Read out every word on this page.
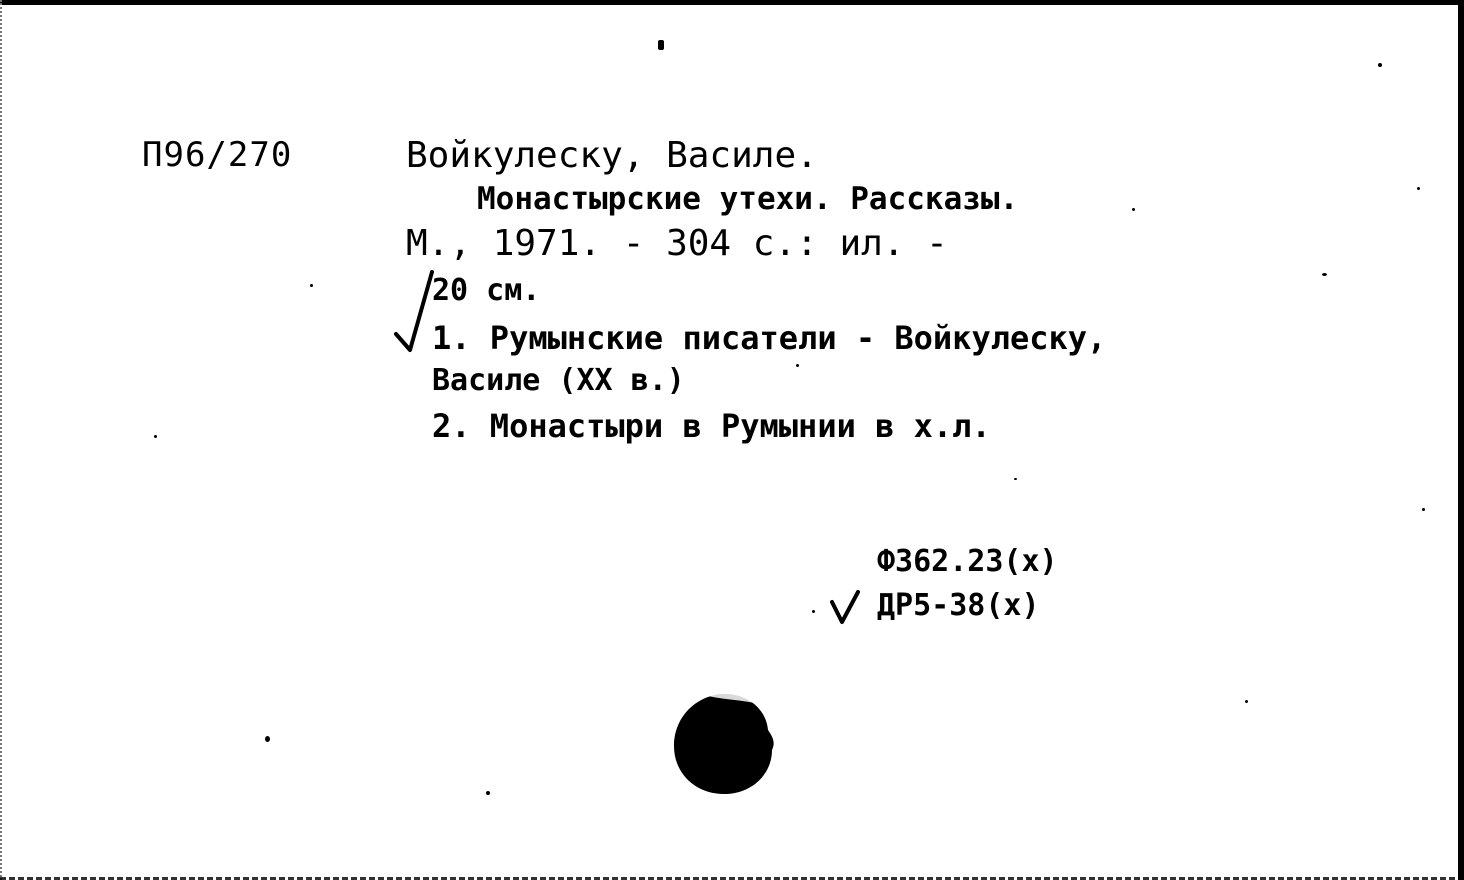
П96/270	Войкулеску, Василе.
Монастырские утехи. Рассказы.
М., 1971. - 304 с.: ил. -
20 см.
1. Румынские писатели - Войкулеску,
Василе (XX в.)
2. Монастыри в Румынии в х.л.
Ф362.23(х)
ДР5-38(х)
